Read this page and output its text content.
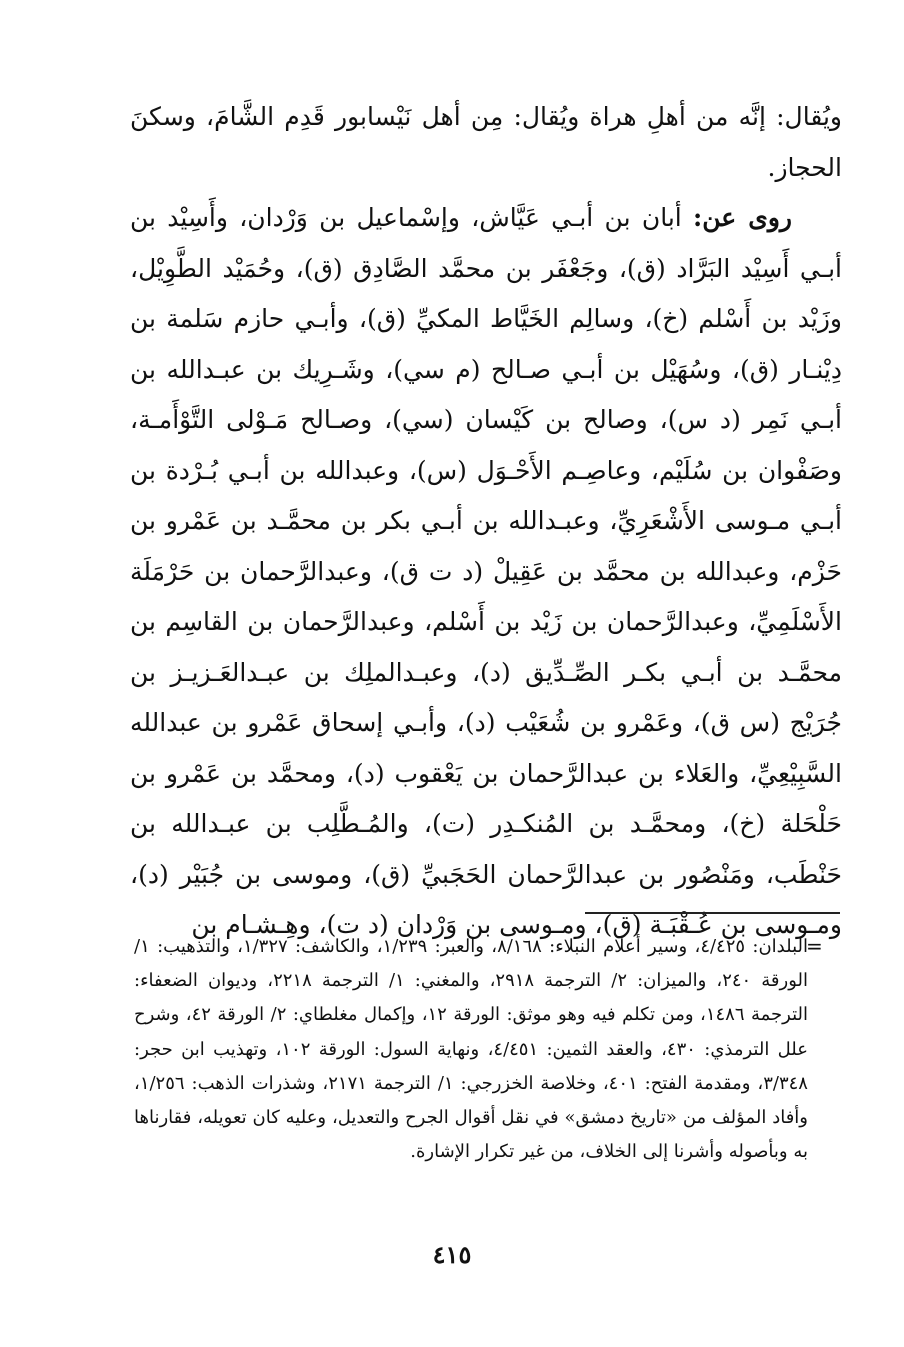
ويُقال: إنَّه من أهلِ هراة ويُقال: مِن أهل نَيْسابور قَدِم الشَّامَ، وسكنَ الحجاز.

روى عن: أبان بن أبـي عَيَّاش، وإسْماعيل بن وَرْدان، وأَسِيْد بن أبـي أَسِيْد البَرَّاد (ق)، وجَعْفَر بن محمَّد الصَّادِق (ق)، وحُمَيْد الطَّوِيْل، وزَيْد بن أَسْلم (خ)، وسالِم الخَيَّاط المكيِّ (ق)، وأبـي حازم سَلمة بن دِيْنـار (ق)، وسُهَيْل بن أبـي صـالح (م سي)، وشَـرِيك بن عبـدالله بن أبـي نَمِر (د س)، وصالح بن كَيْسان (سي)، وصـالح مَـوْلى التَّوْأَمـة، وصَفْوان بن سُلَيْم، وعاصِـم الأَحْـوَل (س)، وعبدالله بن أبـي بُـرْدة بن أبـي مـوسى الأَشْعَرِيِّ، وعبـدالله بن أبـي بكر بن محمَّـد بن عَمْرو بن حَزْم، وعبدالله بن محمَّد بن عَقِيلْ (د ت ق)، وعبدالرَّحمان بن حَرْمَلَة الأَسْلَمِيِّ، وعبدالرَّحمان بن زَيْد بن أَسْلم، وعبدالرَّحمان بن القاسِم بن محمَّـد بن أبـي بكـر الصِّـدِّيق (د)، وعبـدالملِك بن عبـدالعَـزيـز بن جُرَيْج (س ق)، وعَمْرو بن شُعَيْب (د)، وأبـي إسحاق عَمْرو بن عبدالله السَّبِيْعِيِّ، والعَلاء بن عبدالرَّحمان بن يَعْقوب (د)، ومحمَّد بن عَمْرو بن حَلْحَلة (خ)، ومحمَّـد بن المُنكـدِر (ت)، والمُـطَّلِب بن عبـدالله بن حَنْطَب، ومَنْصُور بن عبدالرَّحمان الحَجَبيِّ (ق)، وموسى بن جُبَيْر (د)، ومـوسى بن عُـقْبَـة (ق)، ومـوسى بن وَرْدان (د ت)، وهِـشـام بن

=
البلدان: ٤/٤٢٥، وسير أعلام النبلاء: ٨/١٦٨، والعبر: ١/٢٣٩، والكاشف: ١/٣٢٧، والتذهيب: ١/ الورقة ٢٤٠، والميزان: ٢/ الترجمة ٢٩١٨، والمغني: ١/ الترجمة ٢٢١٨، وديوان الضعفاء: الترجمة ١٤٨٦، ومن تكلم فيه وهو موثق: الورقة ١٢، وإكمال مغلطاي: ٢/ الورقة ٤٢، وشرح علل الترمذي: ٤٣٠، والعقد الثمين: ٤/٤٥١، ونهاية السول: الورقة ١٠٢، وتهذيب ابن حجر: ٣/٣٤٨، ومقدمة الفتح: ٤٠١، وخلاصة الخزرجي: ١/ الترجمة ٢١٧١، وشذرات الذهب: ١/٢٥٦، وأفاد المؤلف من «تاريخ دمشق» في نقل أقوال الجرح والتعديل، وعليه كان تعويله، فقارناها به وبأصوله وأشرنا إلى الخلاف، من غير تكرار الإشارة.
٤١٥
